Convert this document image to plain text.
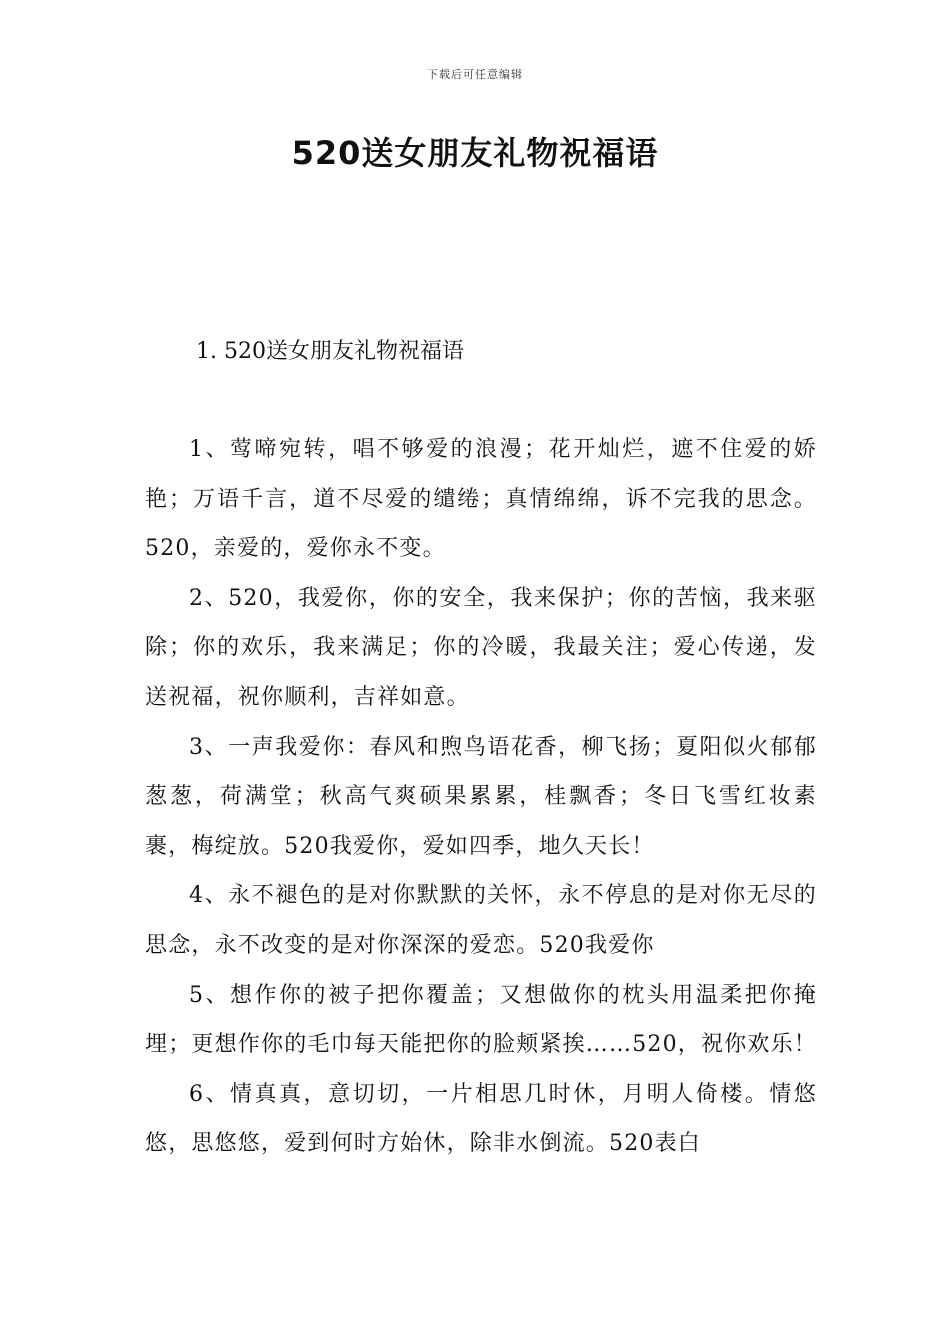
下载后可任意编辑
520送女朋友礼物祝福语
1. 520送女朋友礼物祝福语

1、莺啼宛转，唱不够爱的浪漫；花开灿烂，遮不住爱的娇艳；万语千言，道不尽爱的缱绻；真情绵绵，诉不完我的思念。520，亲爱的，爱你永不变。

2、520，我爱你，你的安全，我来保护；你的苦恼，我来驱除；你的欢乐，我来满足；你的冷暖，我最关注；爱心传递，发送祝福，祝你顺利，吉祥如意。

3、一声我爱你：春风和煦鸟语花香，柳飞扬；夏阳似火郁郁葱葱，荷满堂；秋高气爽硕果累累，桂飘香；冬日飞雪红妆素裹，梅绽放。520我爱你，爱如四季，地久天长！

4、永不褪色的是对你默默的关怀，永不停息的是对你无尽的思念，永不改变的是对你深深的爱恋。520我爱你

5、想作你的被子把你覆盖；又想做你的枕头用温柔把你掩埋；更想作你的毛巾每天能把你的脸颊紧挨……520，祝你欢乐！

6、情真真，意切切，一片相思几时休，月明人倚楼。情悠悠，思悠悠，爱到何时方始休，除非水倒流。520表白
